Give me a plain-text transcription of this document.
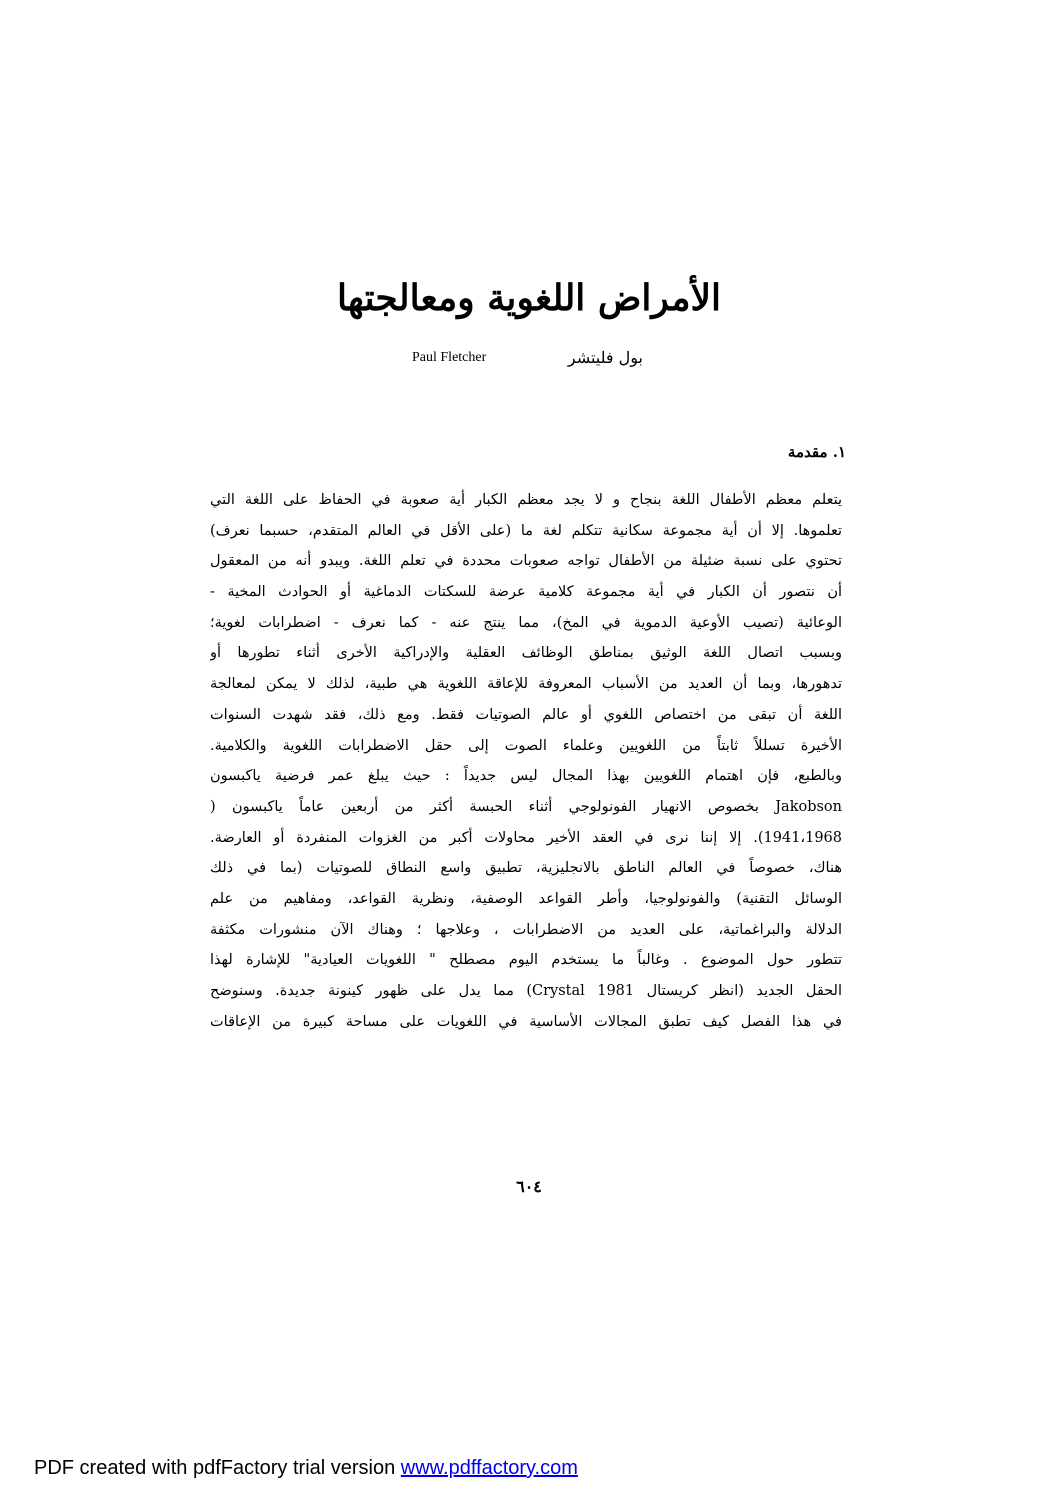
الأمراض اللغوية ومعالجتها
بول فليتشر
Paul Fletcher
١. مقدمة
يتعلم معظم الأطفال اللغة بنجاح و لا يجد معظم الكبار أية صعوبة في الحفاظ على اللغة التي
تعلموها. إلا أن أية مجموعة سكانية تتكلم لغة ما (على الأقل في العالم المتقدم، حسبما نعرف)
تحتوي على نسبة ضئيلة من الأطفال تواجه صعوبات محددة في تعلم اللغة. ويبدو أنه من المعقول
أن نتصور أن الكبار في أية مجموعة كلامية عرضة للسكتات الدماغية أو الحوادث المخية -
الوعائية (تصيب الأوعية الدموية في المخ)، مما ينتج عنه - كما نعرف - اضطرابات لغوية؛
وبسبب اتصال اللغة الوثيق بمناطق الوظائف العقلية والإدراكية الأخرى أثناء تطورها أو
تدهورها، وبما أن العديد من الأسباب المعروفة للإعاقة اللغوية هي طبية، لذلك لا يمكن لمعالجة
اللغة أن تبقى من اختصاص اللغوي أو عالم الصوتيات فقط. ومع ذلك، فقد شهدت السنوات
الأخيرة تسللاً ثابتاً من اللغويين وعلماء الصوت إلى حقل الاضطرابات اللغوية والكلامية.
وبالطبع، فإن اهتمام اللغويين بهذا المجال ليس جديداً : حيث يبلغ عمر فرضية ياكبسون
Jakobson بخصوص الانهيار الفونولوجي أثناء الحبسة أكثر من أربعين عاماً ياكبسون (
1941،1968). إلا إننا نرى في العقد الأخير محاولات أكبر من الغزوات المنفردة أو العارضة.
هناك، خصوصاً في العالم الناطق بالانجليزية، تطبيق واسع النطاق للصوتيات (بما في ذلك
الوسائل التقنية) والفونولوجيا، وأطر القواعد الوصفية، ونظرية القواعد، ومفاهيم من علم
الدلالة والبراغماتية، على العديد من الاضطرابات ، وعلاجها ؛ وهناك الآن منشورات مكثفة
تتطور حول الموضوع . وغالباً ما يستخدم اليوم مصطلح " اللغويات العيادية" للإشارة لهذا
الحقل الجديد (انظر كريستال Crystal 1981) مما يدل على ظهور كينونة جديدة. وسنوضح
في هذا الفصل كيف تطبق المجالات الأساسية في اللغويات على مساحة كبيرة من الإعاقات
٦٠٤
PDF created with pdfFactory trial version www.pdffactory.com
